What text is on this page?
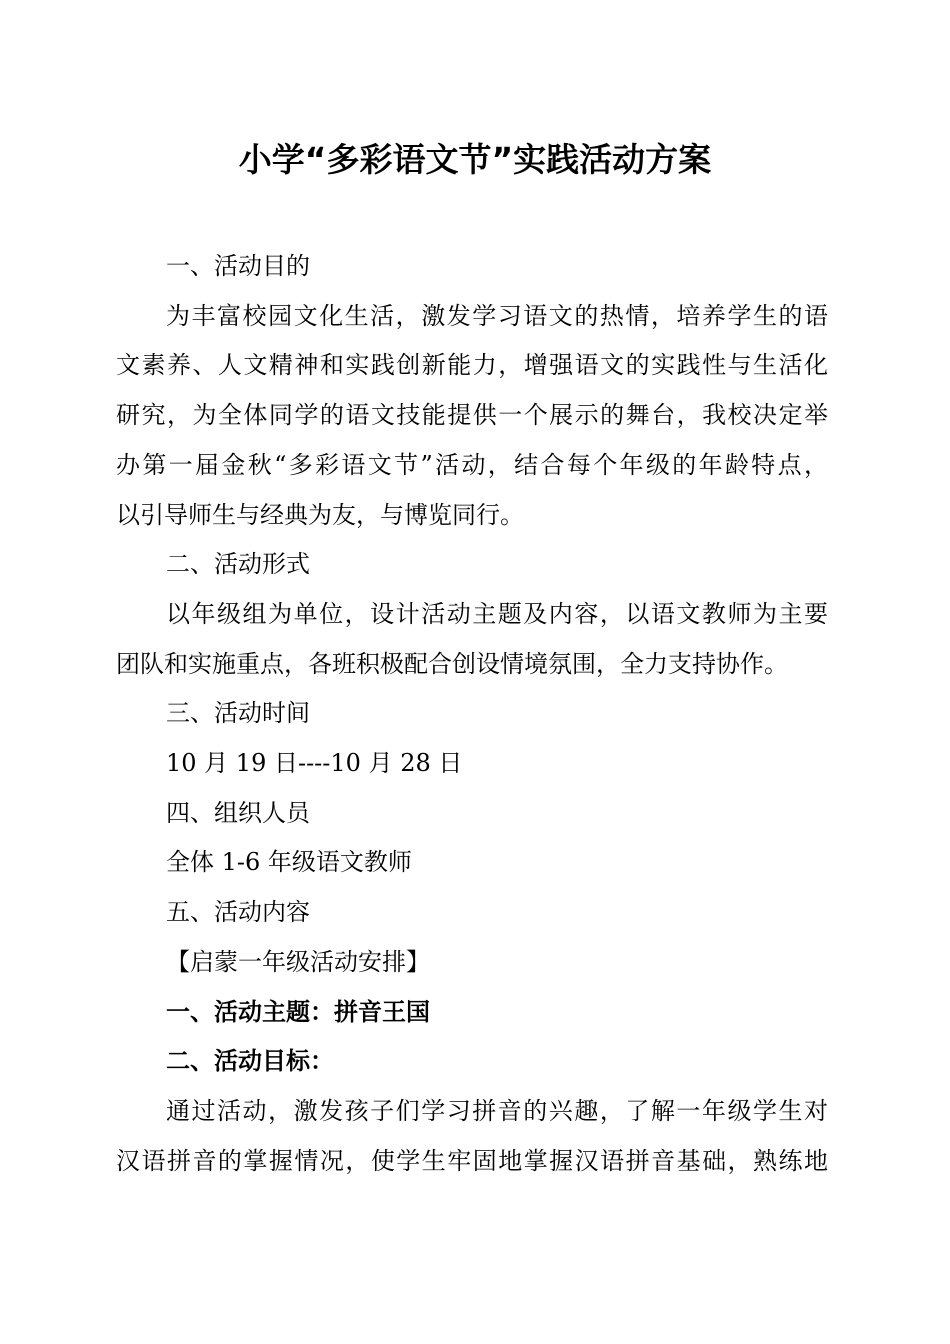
小学“多彩语文节”实践活动方案
一、活动目的
为丰富校园文化生活，激发学习语文的热情，培养学生的语
文素养、人文精神和实践创新能力，增强语文的实践性与生活化
研究，为全体同学的语文技能提供一个展示的舞台，我校决定举
办第一届金秋“多彩语文节”活动，结合每个年级的年龄特点，
以引导师生与经典为友，与博览同行。
二、活动形式
以年级组为单位，设计活动主题及内容，以语文教师为主要
团队和实施重点，各班积极配合创设情境氛围，全力支持协作。
三、活动时间
10 月 19 日----10 月 28 日
四、组织人员
全体 1-6 年级语文教师
五、活动内容
【启蒙一年级活动安排】
一、活动主题：拼音王国
二、活动目标：
通过活动，激发孩子们学习拼音的兴趣，了解一年级学生对
汉语拼音的掌握情况，使学生牢固地掌握汉语拼音基础，熟练地
